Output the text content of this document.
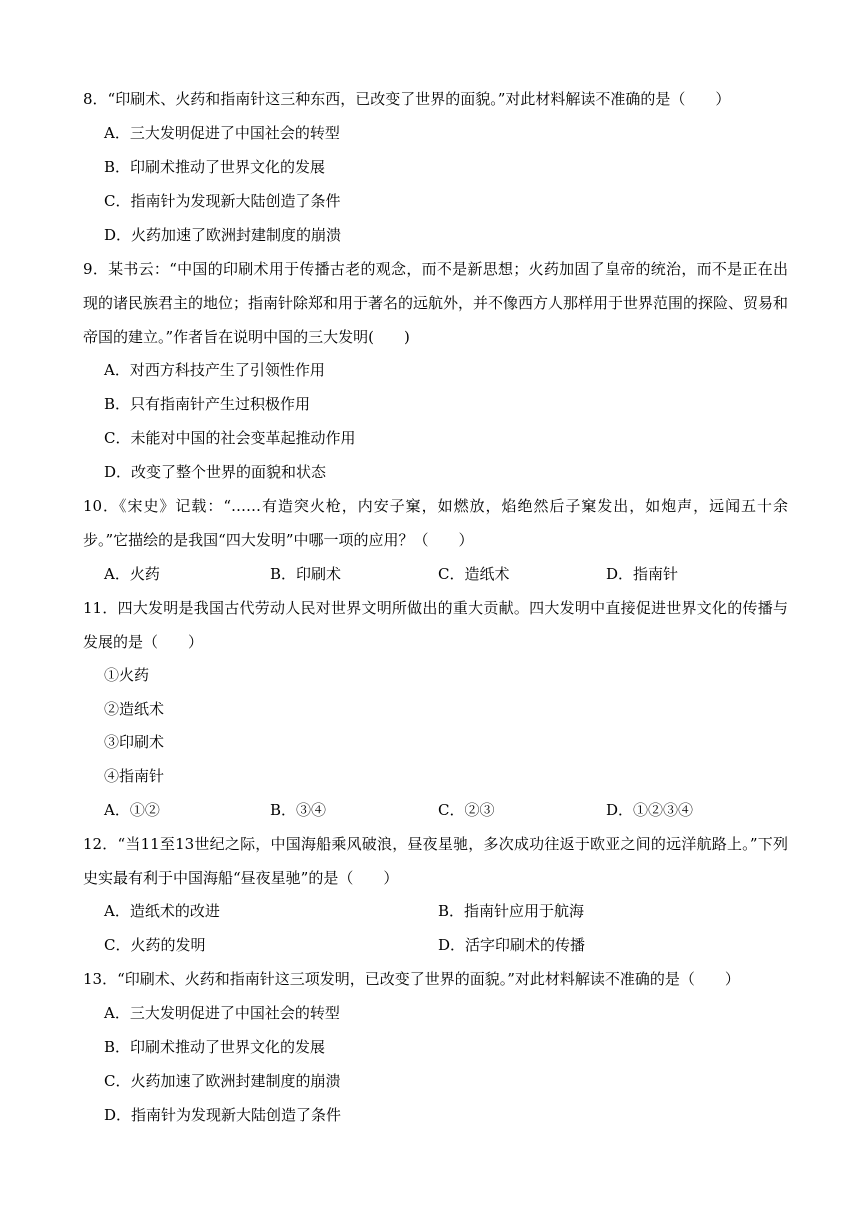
8．“印刷术、火药和指南针这三种东西，已改变了世界的面貌。”对此材料解读不准确的是（　　）
A．三大发明促进了中国社会的转型
B．印刷术推动了世界文化的发展
C．指南针为发现新大陆创造了条件
D．火药加速了欧洲封建制度的崩溃
9．某书云：“中国的印刷术用于传播古老的观念，而不是新思想；火药加固了皇帝的统治，而不是正在出现的诸民族君主的地位；指南针除郑和用于著名的远航外，并不像西方人那样用于世界范围的探险、贸易和帝国的建立。”作者旨在说明中国的三大发明(　　)
A．对西方科技产生了引领性作用
B．只有指南针产生过积极作用
C．未能对中国的社会变革起推动作用
D．改变了整个世界的面貌和状态
10．《宋史》记载：“……有造突火枪，内安子窠，如燃放，焰绝然后子窠发出，如炮声，远闻五十余步。”它描绘的是我国“四大发明”中哪一项的应用？（　　）
A．火药	B．印刷术	C．造纸术	D．指南针
11．四大发明是我国古代劳动人民对世界文明所做出的重大贡献。四大发明中直接促进世界文化的传播与发展的是（　　）
①火药
②造纸术
③印刷术
④指南针
A．①②	B．③④	C．②③	D．①②③④
12．“当11至13世纪之际，中国海船乘风破浪，昼夜星驰，多次成功往返于欧亚之间的远洋航路上。”下列史实最有利于中国海船“昼夜星驰”的是（　　）
A．造纸术的改进	B．指南针应用于航海
C．火药的发明	D．活字印刷术的传播
13．“印刷术、火药和指南针这三项发明，已改变了世界的面貌。”对此材料解读不准确的是（　　）
A．三大发明促进了中国社会的转型
B．印刷术推动了世界文化的发展
C．火药加速了欧洲封建制度的崩溃
D．指南针为发现新大陆创造了条件
